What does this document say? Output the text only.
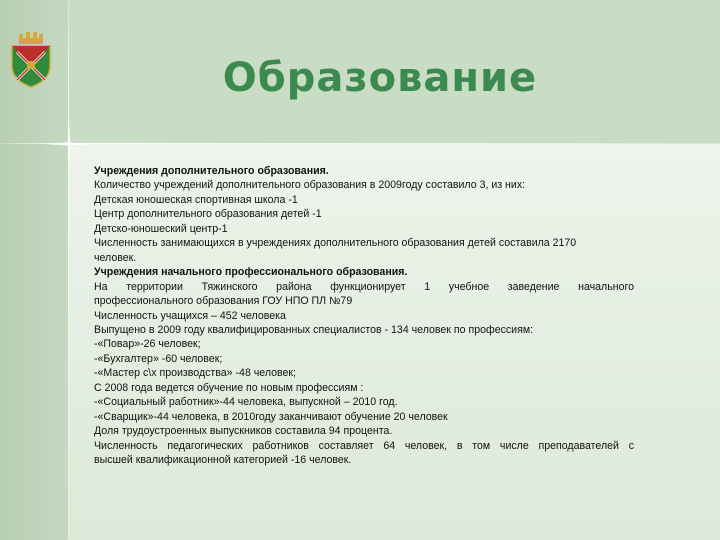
Образование
Учреждения дополнительного образования.
Количество учреждений дополнительного образования в 2009году составило 3, из них:
Детская юношеская спортивная школа -1
Центр дополнительного образования детей -1
Детско-юношеский центр-1
Численность занимающихся в учреждениях дополнительного образования детей составила 2170
человек.
Учреждения начального профессионального образования.
На территории Тяжинского района функционирует 1 учебное заведение начального
профессионального образования ГОУ НПО ПЛ №79
Численность учащихся – 452 человека
Выпущено в 2009 году квалифицированных специалистов - 134 человек по профессиям:
-«Повар»-26 человек;
-«Бухгалтер» -60 человек;
-«Мастер с\х производства» -48 человек;
С 2008 года ведется обучение по новым профессиям :
-«Социальный работник»-44 человека, выпускной – 2010 год.
-«Сварщик»-44 человека, в 2010году заканчивают обучение 20 человек
Доля трудоустроенных выпускников составила 94 процента.
Численность педагогических работников составляет 64 человек, в том числе преподавателей с
высшей квалификационной категорией -16 человек.
